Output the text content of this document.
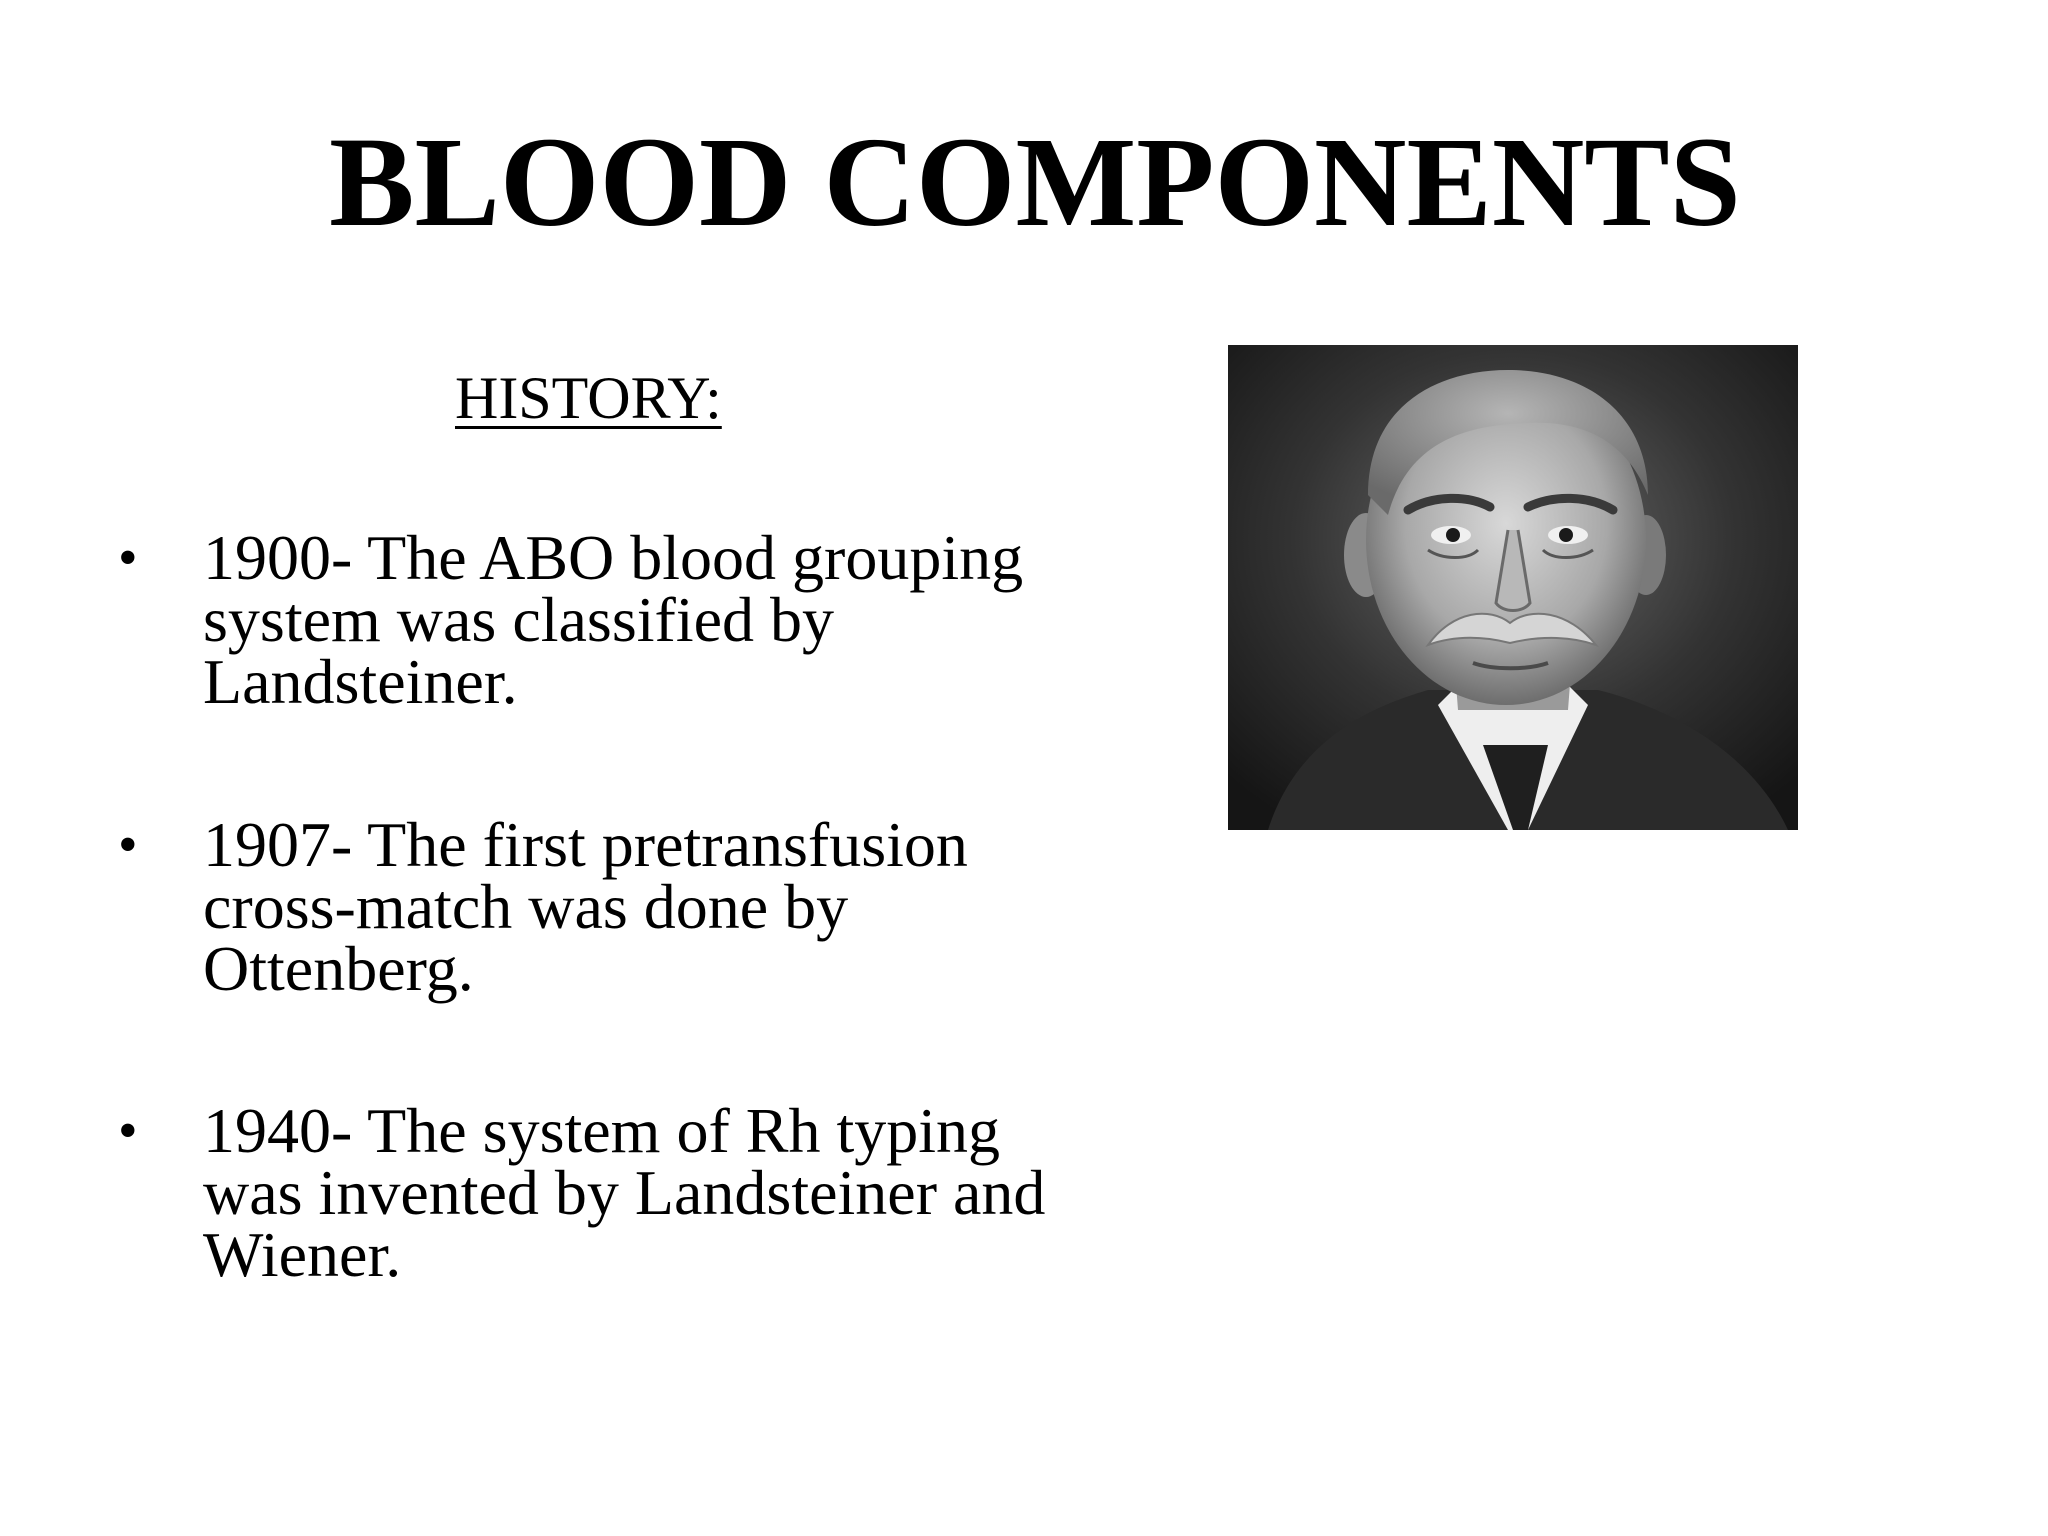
BLOOD COMPONENTS
HISTORY:
• 1900- The ABO blood grouping system was classified by Landsteiner.
• 1907- The first pretransfusion cross-match was done by Ottenberg.
• 1940- The system of Rh typing was invented by Landsteiner and Wiener.
